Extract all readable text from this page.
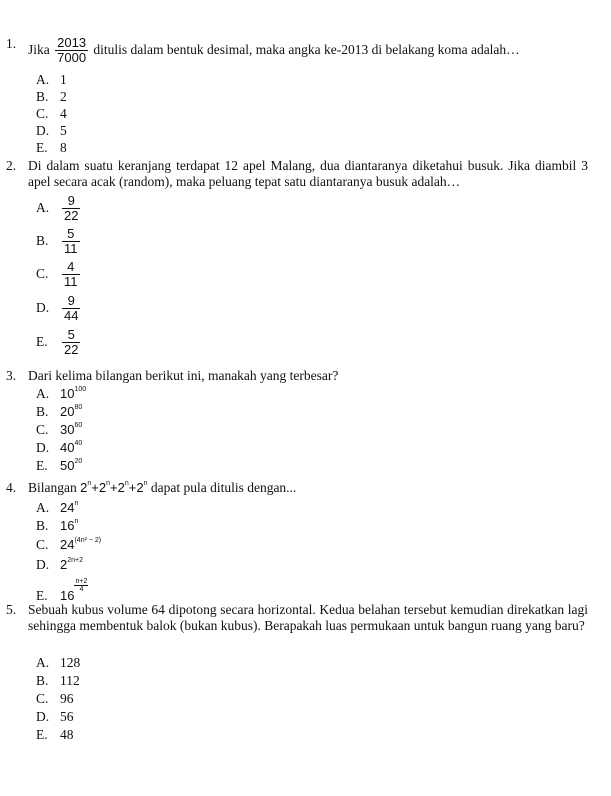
1. Jika $\frac{2013}{7000}$ ditulis dalam bentuk desimal, maka angka ke-2013 di belakang koma adalah…
A. 1
B. 2
C. 4
D. 5
E. 8
2. Di dalam suatu keranjang terdapat 12 apel Malang, dua diantaranya diketahui busuk. Jika diambil 3 apel secara acak (random), maka peluang tepat satu diantaranya busuk adalah…
A. $\frac{9}{22}$
B. $\frac{5}{11}$
C. $\frac{4}{11}$
D. $\frac{9}{44}$
E. $\frac{5}{22}$
3. Dari kelima bilangan berikut ini, manakah yang terbesar?
A. $10^{100}$
B. $20^{80}$
C. $30^{60}$
D. $40^{40}$
E. $50^{20}$
4. Bilangan $2^n+2^n+2^n+2^n$ dapat pula ditulis dengan...
A. 24$^n$
B. 16$^n$
C. $24^{(4n^2 - 2)}$
D. $2^{2n+2}$
E. 16
$\frac{n+2}{4}$
5. Sebuah kubus volume 64 dipotong secara horizontal. Kedua belahan tersebut kemudian direkatkan lagi sehingga membentuk balok (bukan kubus). Berapakah luas permukaan untuk bangun ruang yang baru?
A. 128
B. 112
C. 96
D. 56
E. 48
